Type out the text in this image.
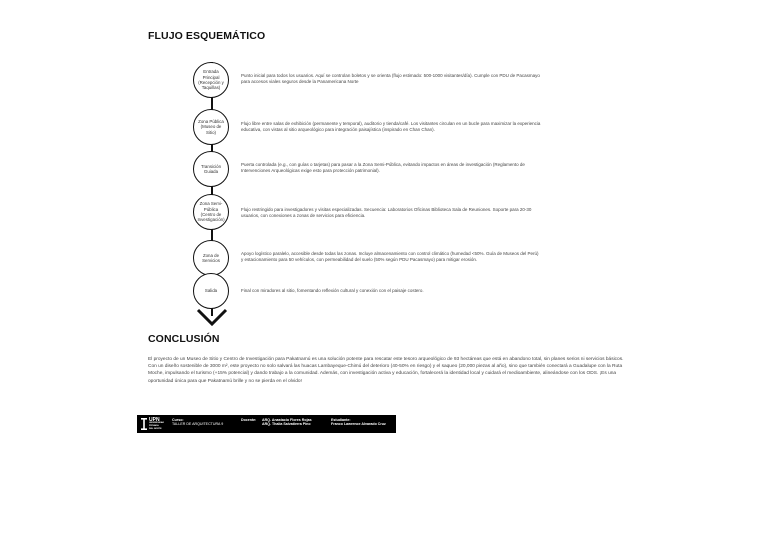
FLUJO ESQUEMÁTICO
Entrada Principal (Recepción y Taquillas)
Punto inicial para todos los usuarios. Aquí se controlan boletos y se orienta (flujo estimado: 500-1000 visitantes/día). Cumple con PDU de Pacasmayo para accesos viales seguros desde la Panamericana Norte
Zona Pública (Museo de Sitio)
Flujo libre entre salas de exhibición (permanente y temporal), auditorio y tienda/café. Los visitantes circulan en un bucle para maximizar la experiencia educativa, con vistas al sitio arqueológico para integración paisajística (inspirado en Chan Chan).
Transición Guiada
Puerta controlada (e.g., con guías o tarjetas) para pasar a la Zona Semi-Pública, evitando impactos en áreas de investigación (Reglamento de Intervenciones Arqueológicas exige esto para protección patrimonial).
Zona Semi-Pública (Centro de Investigación)
Flujo restringido para investigadores y visitas especializadas. Secuencia: Laboratorios Oficinas Biblioteca Sala de Reuniones. Soporte para 20-30 usuarios, con conexiones a zonas de servicios para eficiencia.
Zona de Servicios
Apoyo logístico paralelo, accesible desde todas las zonas. Incluye almacenamiento con control climático (humedad <50%. Guía de Museos del Perú) y estacionamiento para 50 vehículos, con permeabilidad del suelo (50% según PDU Pacasmayo) para mitigar erosión.
Salida	Final con miradores al sitio, fomentando reflexión cultural y conexión con el paisaje costero.
CONCLUSIÓN
El proyecto de un Museo de Sitio y Centro de Investigación para Pakatnamú es una solución potente para rescatar este tesoro arqueológico de 93 hectáreas que está en abandono total, sin planes serios ni servicios básicos. Con un diseño sostenible de 3000 m², este proyecto no solo salvará las huacas Lambayeque-Chimú del deterioro (40-50% en riesgo) y el saqueo (20,000 piezas al año), sino que también conectará a Guadalupe con la Ruta Moche, impulsando el turismo (+15% potencial) y dando trabajo a la comunidad. Además, con investigación activa y educación, fortalecerá la identidad local y cuidará el medioambiente, alineándose con los ODS. ¡Es una oportunidad única para que Pakatnamú brille y no se pierda en el olvido!
UPN
UNIVERSIDAD
PRIVADA
DEL NORTE
Curso:
TALLER DE ARQUITECTURA 9
Docente: ARQ. Anastacio Flores Rojas
ARQ. Thalia Salvatierra Pino
Estudiante:
Franco Lawrence Alvarado Cruz
